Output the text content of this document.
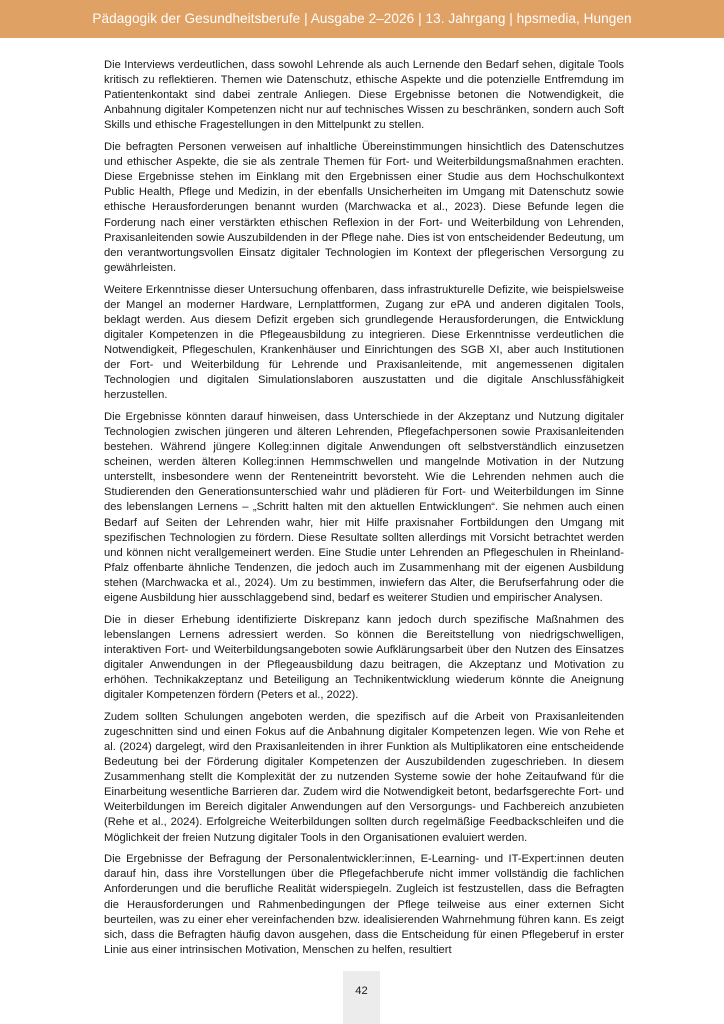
Pädagogik der Gesundheitsberufe | Ausgabe 2–2026 | 13. Jahrgang | hpsmedia, Hungen

Die Interviews verdeutlichen, dass sowohl Lehrende als auch Lernende den Bedarf sehen, digitale Tools kritisch zu reflektieren. Themen wie Datenschutz, ethische Aspekte und die potenzielle Entfremdung im Patientenkontakt sind dabei zentrale Anliegen. Diese Ergebnisse betonen die Notwendigkeit, die Anbahnung digitaler Kompetenzen nicht nur auf technisches Wissen zu beschränken, sondern auch Soft Skills und ethische Fragestellungen in den Mittelpunkt zu stellen.

Die befragten Personen verweisen auf inhaltliche Übereinstimmungen hinsichtlich des Datenschutzes und ethischer Aspekte, die sie als zentrale Themen für Fort- und Weiterbildungsmaßnahmen erachten. Diese Ergebnisse stehen im Einklang mit den Ergebnissen einer Studie aus dem Hochschulkontext Public Health, Pflege und Medizin, in der ebenfalls Unsicherheiten im Umgang mit Datenschutz sowie ethische Herausforderungen benannt wurden (Marchwacka et al., 2023). Diese Befunde legen die Forderung nach einer verstärkten ethischen Reflexion in der Fort- und Weiterbildung von Lehrenden, Praxisanleitenden sowie Auszubildenden in der Pflege nahe. Dies ist von entscheidender Bedeutung, um den verantwortungsvollen Einsatz digitaler Technologien im Kontext der pflegerischen Versorgung zu gewährleisten.

Weitere Erkenntnisse dieser Untersuchung offenbaren, dass infrastrukturelle Defizite, wie beispielsweise der Mangel an moderner Hardware, Lernplattformen, Zugang zur ePA und anderen digitalen Tools, beklagt werden. Aus diesem Defizit ergeben sich grundlegende Herausforderungen, die Entwicklung digitaler Kompetenzen in die Pflegeausbildung zu integrieren. Diese Erkenntnisse verdeutlichen die Notwendigkeit, Pflegeschulen, Krankenhäuser und Einrichtungen des SGB XI, aber auch Institutionen der Fort- und Weiterbildung für Lehrende und Praxisanleitende, mit angemessenen digitalen Technologien und digitalen Simulationslaboren auszustatten und die digitale Anschlussfähigkeit herzustellen.

Die Ergebnisse könnten darauf hinweisen, dass Unterschiede in der Akzeptanz und Nutzung digitaler Technologien zwischen jüngeren und älteren Lehrenden, Pflegefachpersonen sowie Praxisanleitenden bestehen. Während jüngere Kolleg:innen digitale Anwendungen oft selbstverständlich einzusetzen scheinen, werden älteren Kolleg:innen Hemmschwellen und mangelnde Motivation in der Nutzung unterstellt, insbesondere wenn der Renteneintritt bevorsteht. Wie die Lehrenden nehmen auch die Studierenden den Generationsunterschied wahr und plädieren für Fort- und Weiterbildungen im Sinne des lebenslangen Lernens – „Schritt halten mit den aktuellen Entwicklungen“. Sie nehmen auch einen Bedarf auf Seiten der Lehrenden wahr, hier mit Hilfe praxisnaher Fortbildungen den Umgang mit spezifischen Technologien zu fördern. Diese Resultate sollten allerdings mit Vorsicht betrachtet werden und können nicht verallgemeinert werden. Eine Studie unter Lehrenden an Pflegeschulen in Rheinland-Pfalz offenbarte ähnliche Tendenzen, die jedoch auch im Zusammenhang mit der eigenen Ausbildung stehen (Marchwacka et al., 2024). Um zu bestimmen, inwiefern das Alter, die Berufserfahrung oder die eigene Ausbildung hier ausschlaggebend sind, bedarf es weiterer Studien und empirischer Analysen.

Die in dieser Erhebung identifizierte Diskrepanz kann jedoch durch spezifische Maßnahmen des lebenslangen Lernens adressiert werden. So können die Bereitstellung von niedrigschwelligen, interaktiven Fort- und Weiterbildungsangeboten sowie Aufklärungsarbeit über den Nutzen des Einsatzes digitaler Anwendungen in der Pflegeausbildung dazu beitragen, die Akzeptanz und Motivation zu erhöhen. Technikakzeptanz und Beteiligung an Technikentwicklung wiederum könnte die Aneignung digitaler Kompetenzen fördern (Peters et al., 2022).

Zudem sollten Schulungen angeboten werden, die spezifisch auf die Arbeit von Praxisanleitenden zugeschnitten sind und einen Fokus auf die Anbahnung digitaler Kompetenzen legen. Wie von Rehe et al. (2024) dargelegt, wird den Praxisanleitenden in ihrer Funktion als Multiplikatoren eine entscheidende Bedeutung bei der Förderung digitaler Kompetenzen der Auszubildenden zugeschrieben. In diesem Zusammenhang stellt die Komplexität der zu nutzenden Systeme sowie der hohe Zeitaufwand für die Einarbeitung wesentliche Barrieren dar. Zudem wird die Notwendigkeit betont, bedarfsgerechte Fort- und Weiterbildungen im Bereich digitaler Anwendungen auf den Versorgungs- und Fachbereich anzubieten (Rehe et al., 2024). Erfolgreiche Weiterbildungen sollten durch regelmäßige Feedbackschleifen und die Möglichkeit der freien Nutzung digitaler Tools in den Organisationen evaluiert werden.

Die Ergebnisse der Befragung der Personalentwickler:innen, E-Learning- und IT-Expert:innen deuten darauf hin, dass ihre Vorstellungen über die Pflegefachberufe nicht immer vollständig die fachlichen Anforderungen und die berufliche Realität widerspiegeln. Zugleich ist festzustellen, dass die Befragten die Herausforderungen und Rahmenbedingungen der Pflege teilweise aus einer externen Sicht beurteilen, was zu einer eher vereinfachenden bzw. idealisierenden Wahrnehmung führen kann. Es zeigt sich, dass die Befragten häufig davon ausgehen, dass die Entscheidung für einen Pflegeberuf in erster Linie aus einer intrinsischen Motivation, Menschen zu helfen, resultiert

42
